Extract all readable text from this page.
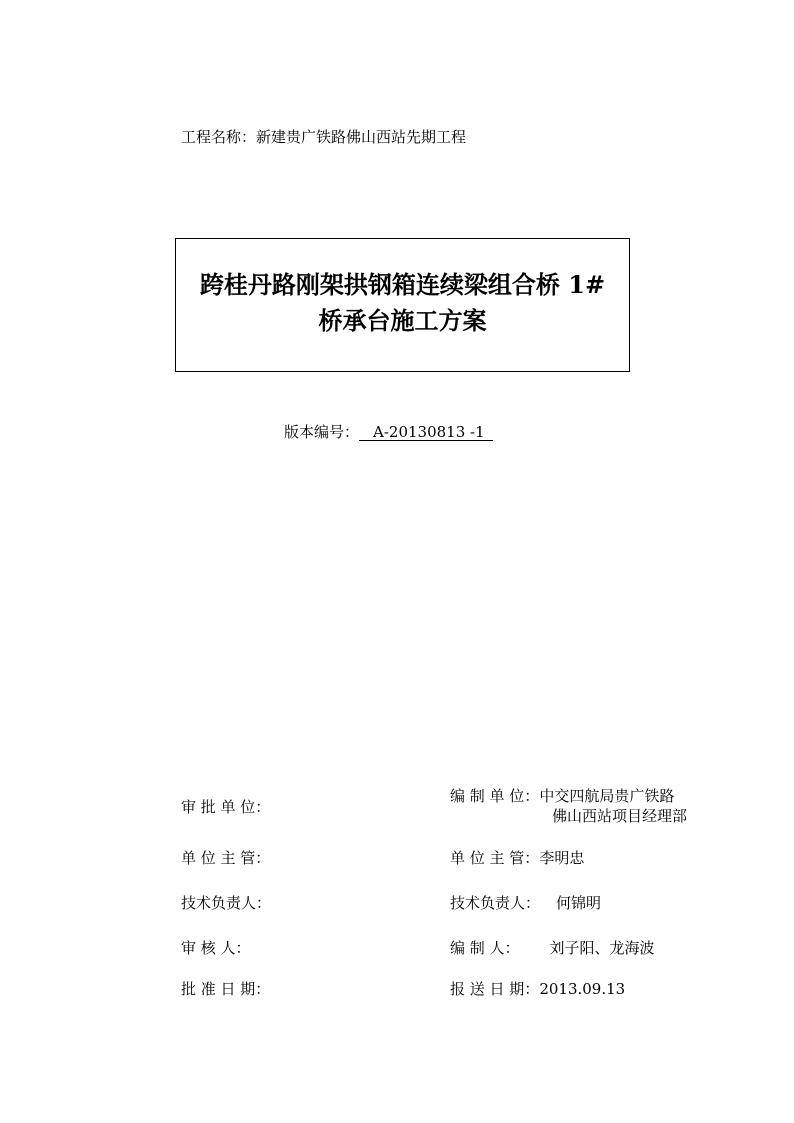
工程名称：新建贵广铁路佛山西站先期工程
跨桂丹路刚架拱钢箱连续梁组合桥 1#
桥承台施工方案
版本编号： A-20130813 -1
审 批 单 位：
单 位 主 管：
技术负责人：
审 核 人：
批 准 日 期：
编 制 单 位：中交四航局贵广铁路
佛山西站项目经理部
单 位 主 管：李明忠
技术负责人： 何锦明
编 制 人： 刘子阳、龙海波
报 送 日 期：2013.09.13
